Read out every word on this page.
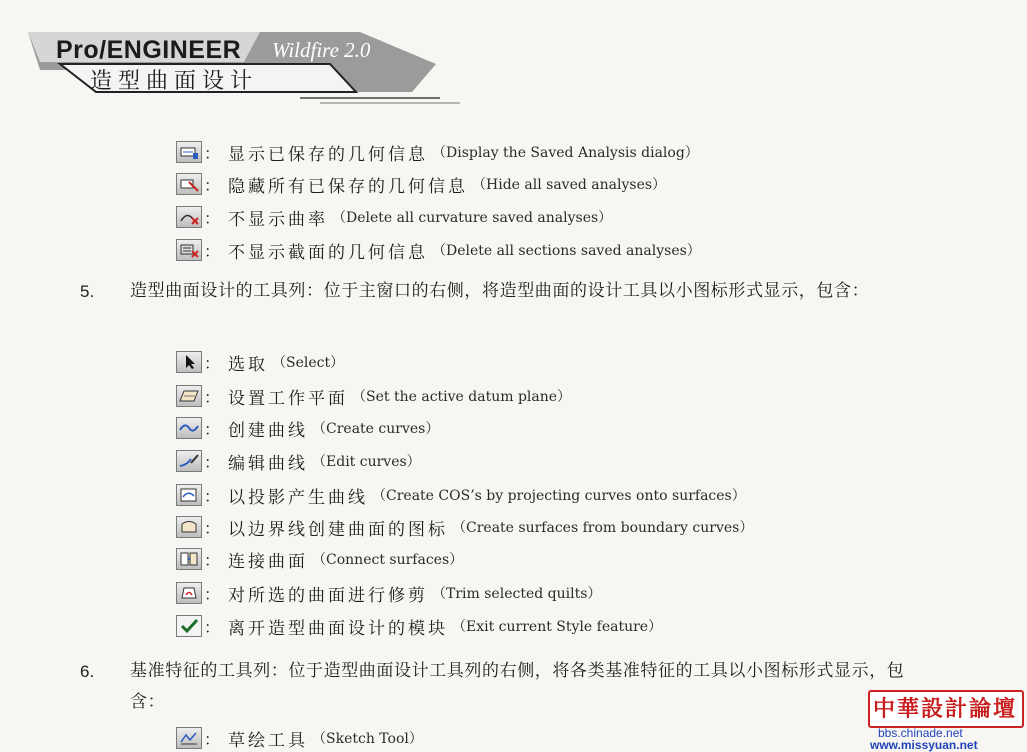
Pro/ENGINEER Wildfire 2.0
造型曲面设计
： 显示已保存的几何信息 （Display the Saved Analysis dialog）
： 隐藏所有已保存的几何信息 （Hide all saved analyses）
： 不显示曲率 （Delete all curvature saved analyses）
： 不显示截面的几何信息 （Delete all sections saved analyses）
5. 造型曲面设计的工具列：位于主窗口的右侧，将造型曲面的设计工具以小图标形式显示，包含：
： 选取 （Select）
： 设置工作平面 （Set the active datum plane）
： 创建曲线 （Create curves）
： 编辑曲线 （Edit curves）
： 以投影产生曲线 （Create COS’s by projecting curves onto surfaces）
： 以边界线创建曲面的图标 （Create surfaces from boundary curves）
： 连接曲面 （Connect surfaces）
： 对所选的曲面进行修剪 （Trim selected quilts）
： 离开造型曲面设计的模块 （Exit current Style feature）
6. 基准特征的工具列：位于造型曲面设计工具列的右侧，将各类基准特征的工具以小图标形式显示，包含：
： 草绘工具 （Sketch Tool）
中華設計論壇
bbs.chinade.net
www.missyuan.net
